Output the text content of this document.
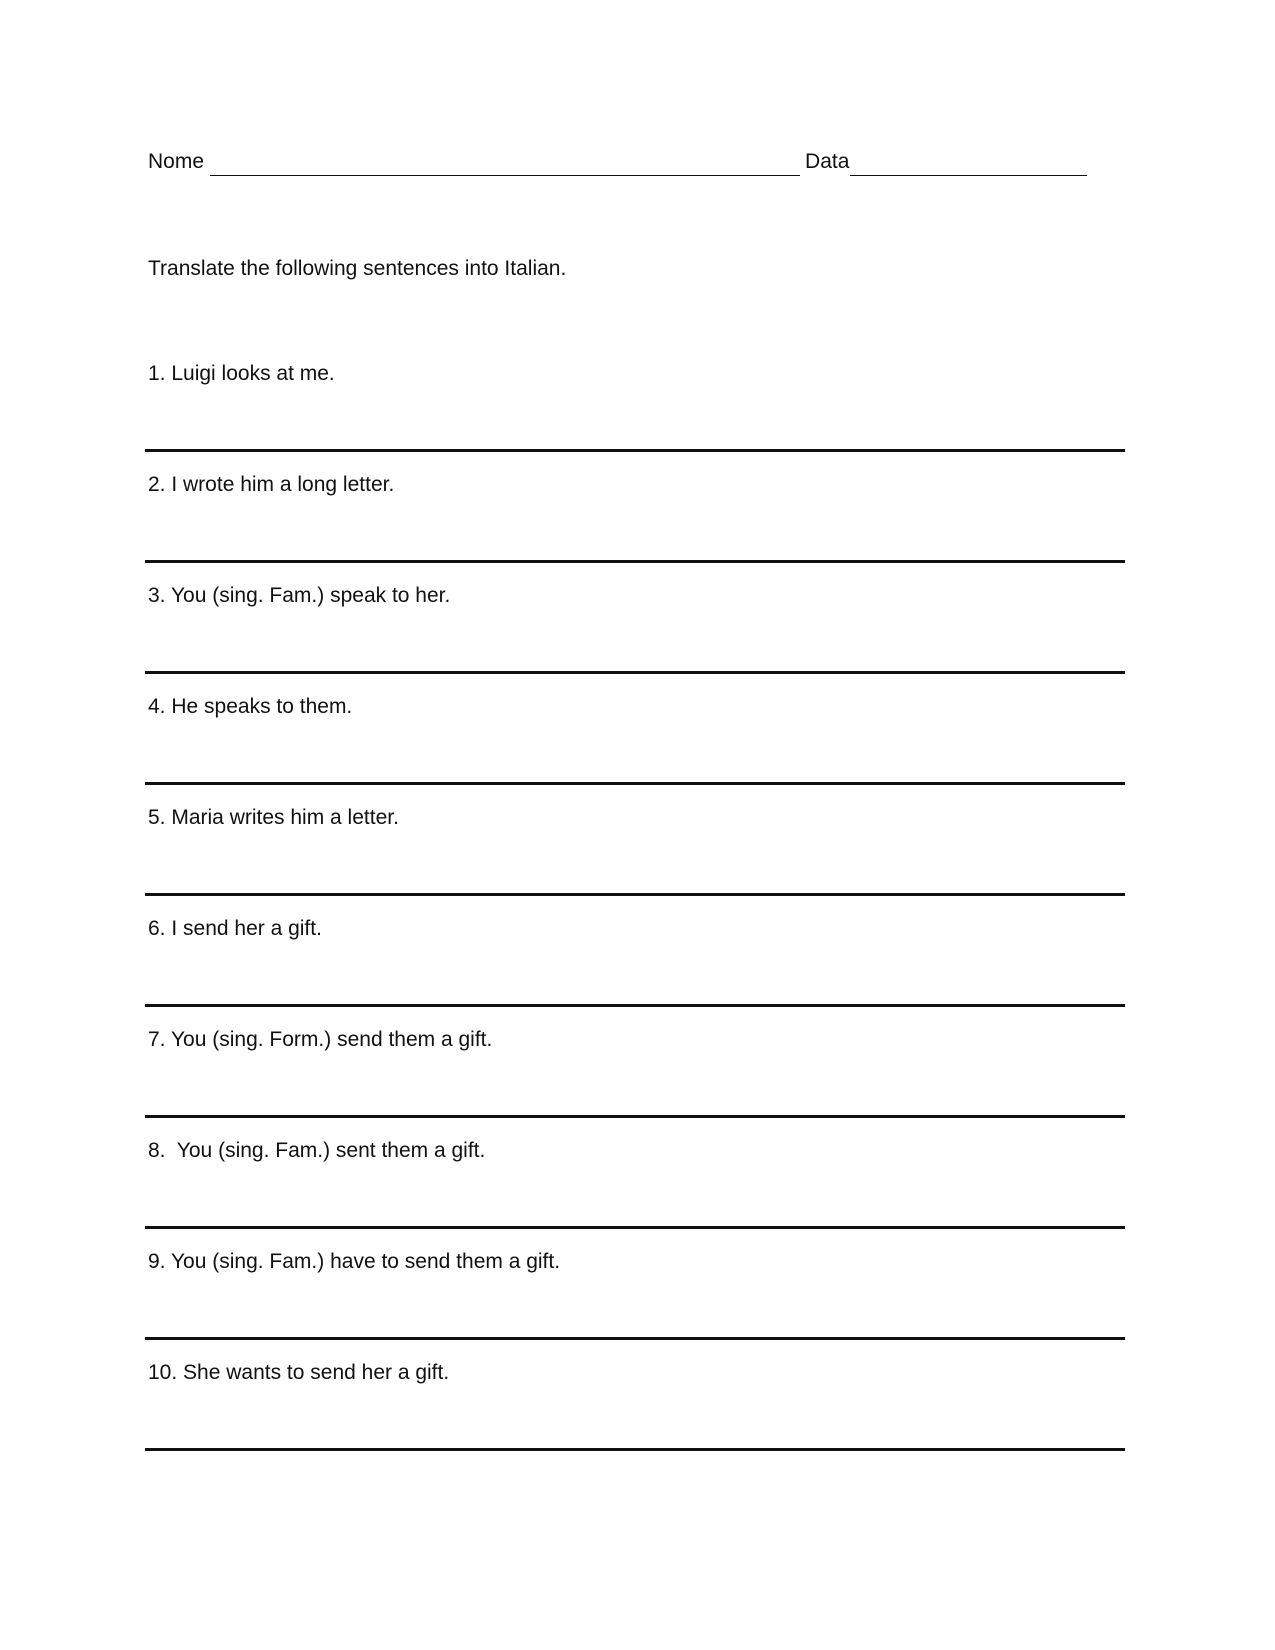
Nome	Data

Translate the following sentences into Italian.

1. Luigi looks at me.
2. I wrote him a long letter.
3. You (sing. Fam.) speak to her.
4. He speaks to them.
5. Maria writes him a letter.
6. I send her a gift.
7. You (sing. Form.) send them a gift.
8.  You (sing. Fam.) sent them a gift.
9. You (sing. Fam.) have to send them a gift.
10. She wants to send her a gift.
